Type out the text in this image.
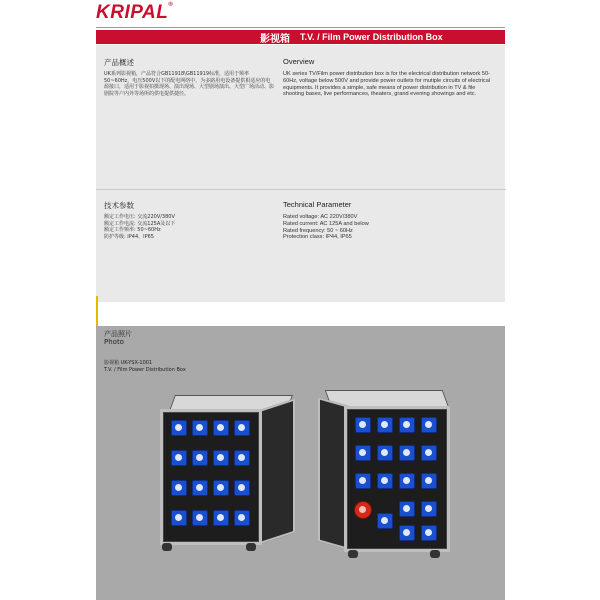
KRIPAL®
影视箱 T.V. / Film Power Distribution Box
产品概述	Overview
UK系列影视箱，产品符合GB11918\GB11919标准，适用于频率50~60Hz，电压500V以下的配电网络中，为多路用电设备提供相适应的电源接口，适用于影视拍摄现场、演出现场、大型剧场演出、大型广场活动、影剧院等户内外等场所的供电提供捷径。
UK series TV/Film power distribution box is for the electrical distribution network 50-60Hz, voltage below 500V and provide power outlets for mutiple circuits of electrical equipments. It provides a simple, safe means of power distribution in TV & file shooting bases, live performances, theaters, grand evening showings and etc.
技术参数	Technical Parameter
额定工作电压: 交流220V/380V
额定工作电流: 交流125A及以下
额定工作频率: 50~60Hz
防护等级: IP44、IP65
Rated voltage: AC 220V/380V
Rated current: AC 125A and below
Rated frequency: 50 ~ 60Hz
Protection class: IP44, IP65
产品照片
Photo
影视箱 UK-YSX-1001
T.V. / Film Power Distribution Box
